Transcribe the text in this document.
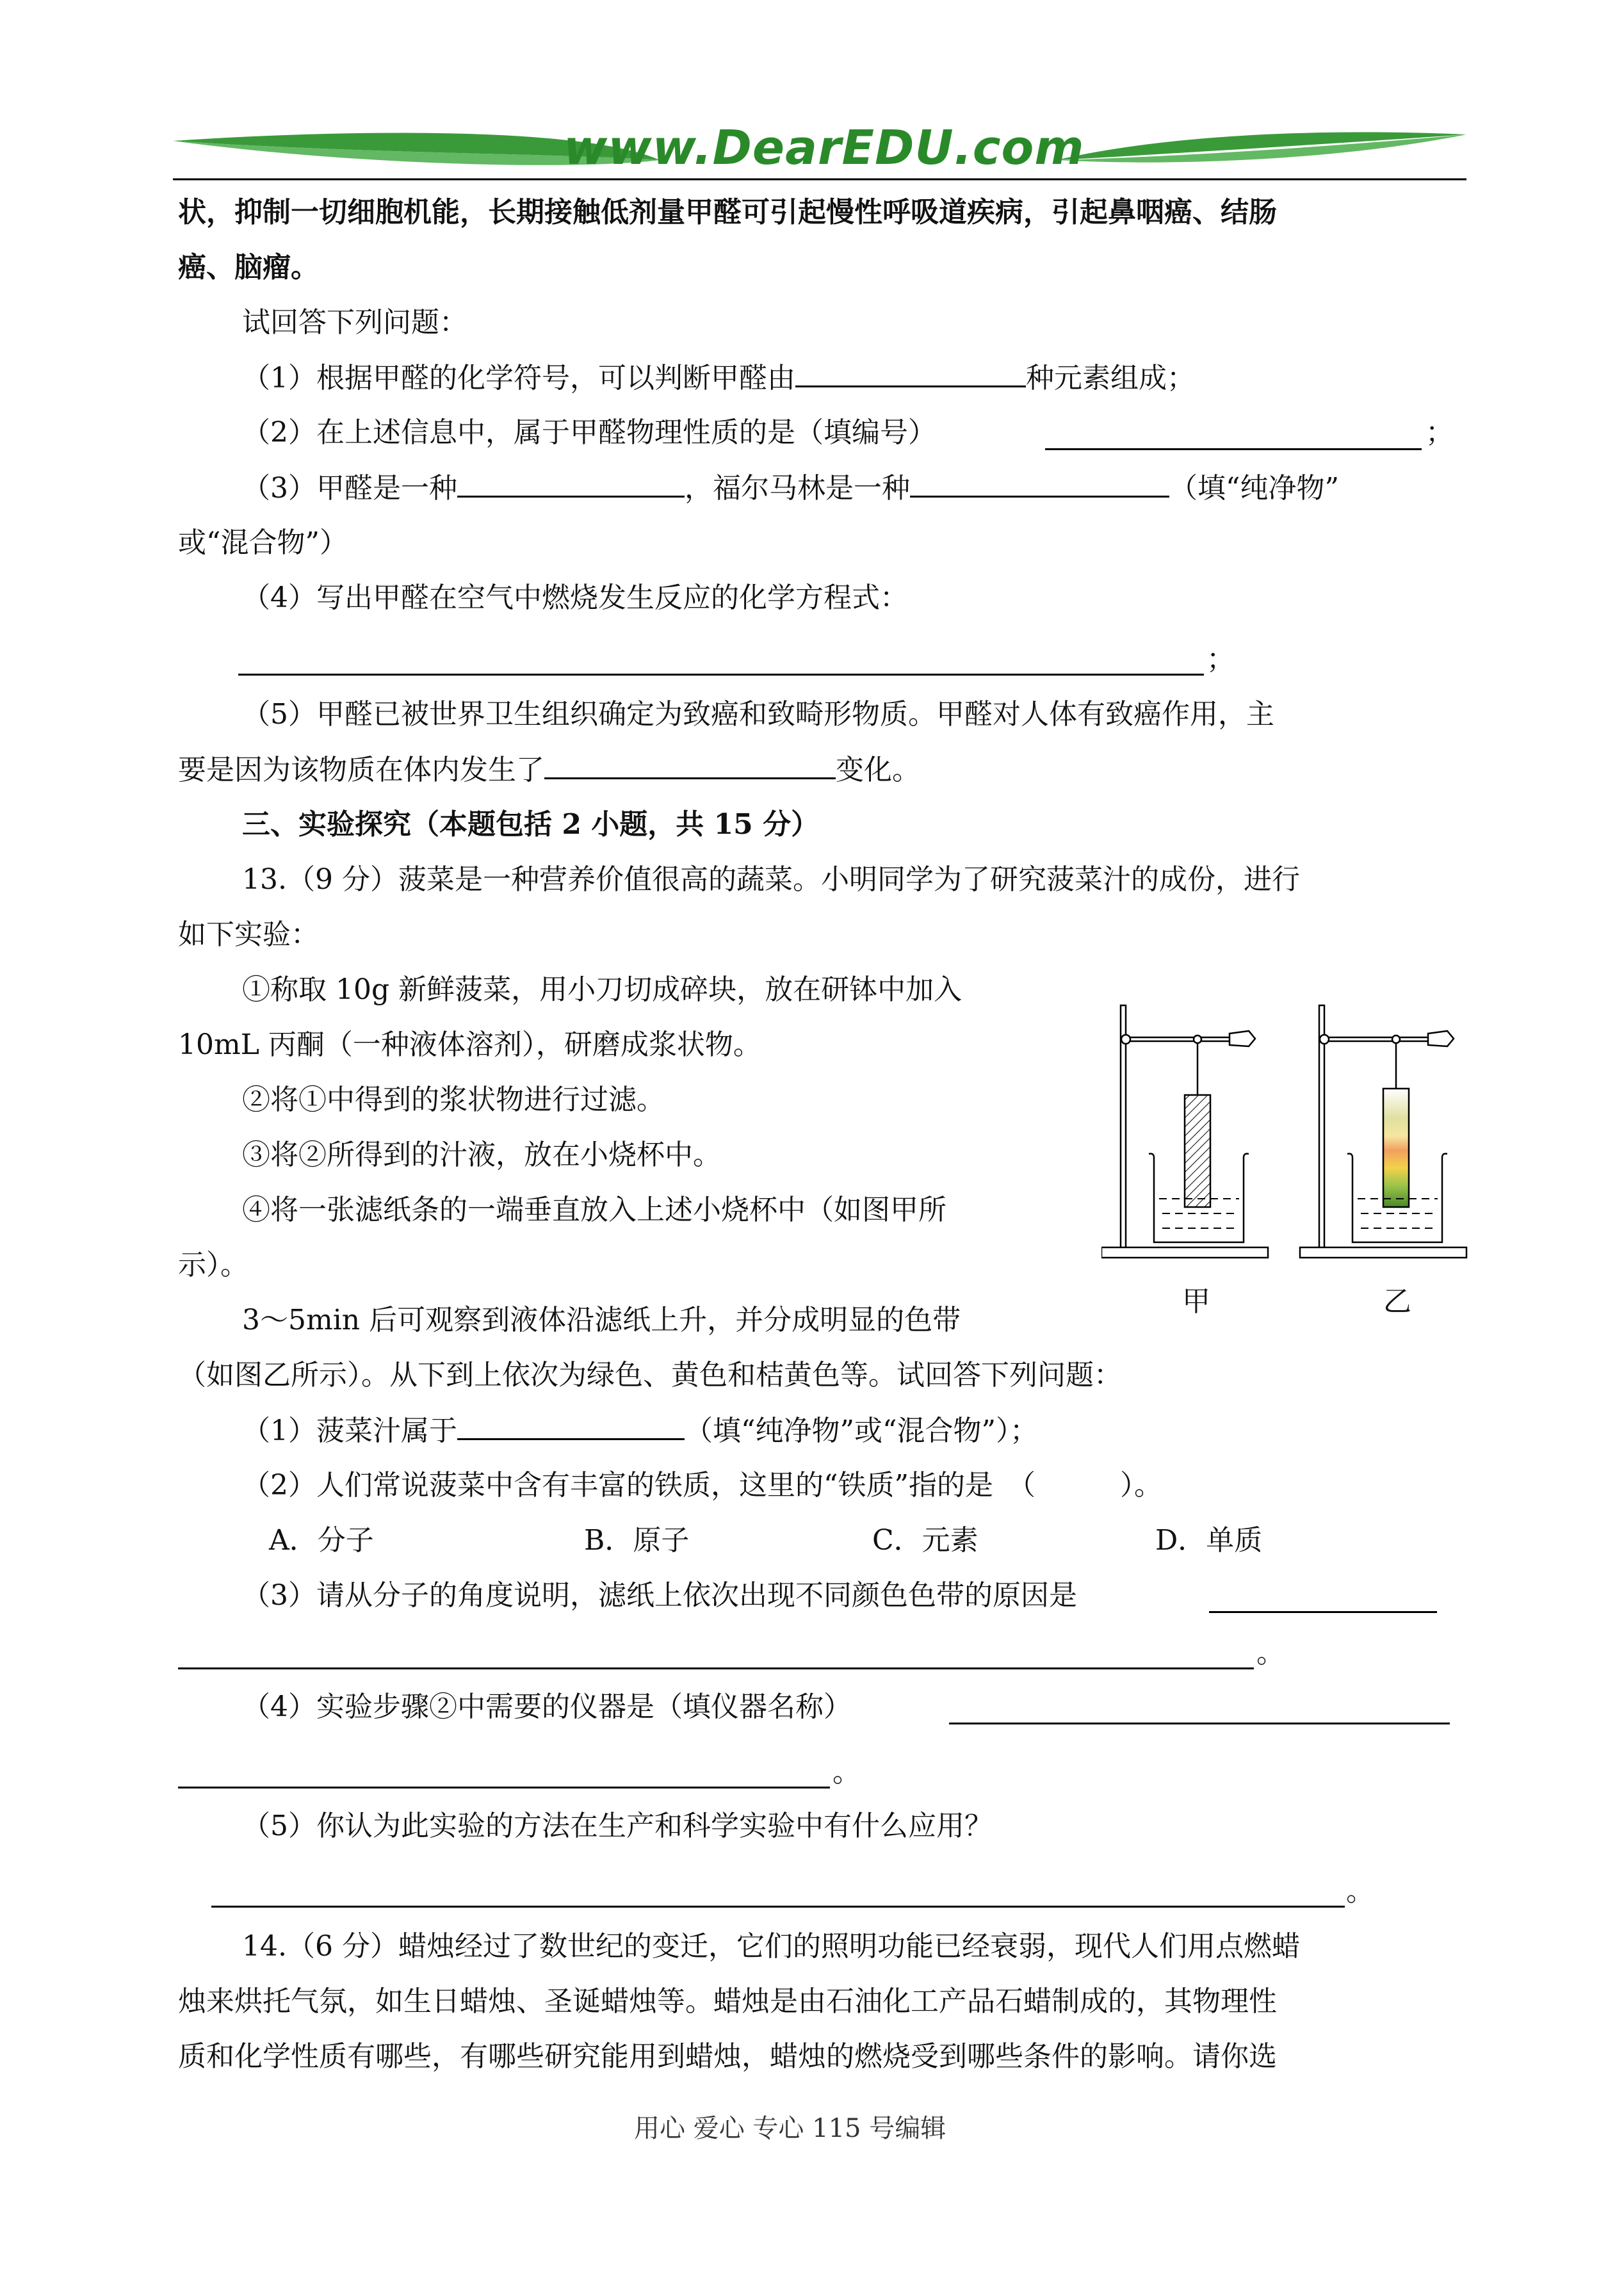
www.DearEDU.com
状，抑制一切细胞机能，长期接触低剂量甲醛可引起慢性呼吸道疾病，引起鼻咽癌、结肠
癌、脑瘤。
试回答下列问题：
（1）根据甲醛的化学符号，可以判断甲醛由	种元素组成；
（2）在上述信息中，属于甲醛物理性质的是（填编号）	；
（3）甲醛是一种	，福尔马林是一种	（填“纯净物”
或“混合物”）
（4）写出甲醛在空气中燃烧发生反应的化学方程式：
；
（5）甲醛已被世界卫生组织确定为致癌和致畸形物质。甲醛对人体有致癌作用，主
要是因为该物质在体内发生了	变化。
三、实验探究（本题包括 2 小题，共 15 分）
13.（9 分）菠菜是一种营养价值很高的蔬菜。小明同学为了研究菠菜汁的成份，进行
如下实验：
①称取 10g 新鲜菠菜，用小刀切成碎块，放在研钵中加入
10mL 丙酮（一种液体溶剂），研磨成浆状物。
②将①中得到的浆状物进行过滤。
③将②所得到的汁液，放在小烧杯中。
④将一张滤纸条的一端垂直放入上述小烧杯中（如图甲所
示）。
甲	乙
3～5min 后可观察到液体沿滤纸上升，并分成明显的色带
（如图乙所示）。从下到上依次为绿色、黄色和桔黄色等。试回答下列问题：
（1）菠菜汁属于	（填“纯净物”或“混合物”）；
（2）人们常说菠菜中含有丰富的铁质，这里的“铁质”指的是　（　　　）。
A．分子	B．原子	C．元素	D．单质
（3）请从分子的角度说明，滤纸上依次出现不同颜色色带的原因是
。
（4）实验步骤②中需要的仪器是（填仪器名称）
。
（5）你认为此实验的方法在生产和科学实验中有什么应用？
。
14.（6 分）蜡烛经过了数世纪的变迁，它们的照明功能已经衰弱，现代人们用点燃蜡
烛来烘托气氛，如生日蜡烛、圣诞蜡烛等。蜡烛是由石油化工产品石蜡制成的，其物理性
质和化学性质有哪些，有哪些研究能用到蜡烛，蜡烛的燃烧受到哪些条件的影响。请你选
用心 爱心 专心 115 号编辑
